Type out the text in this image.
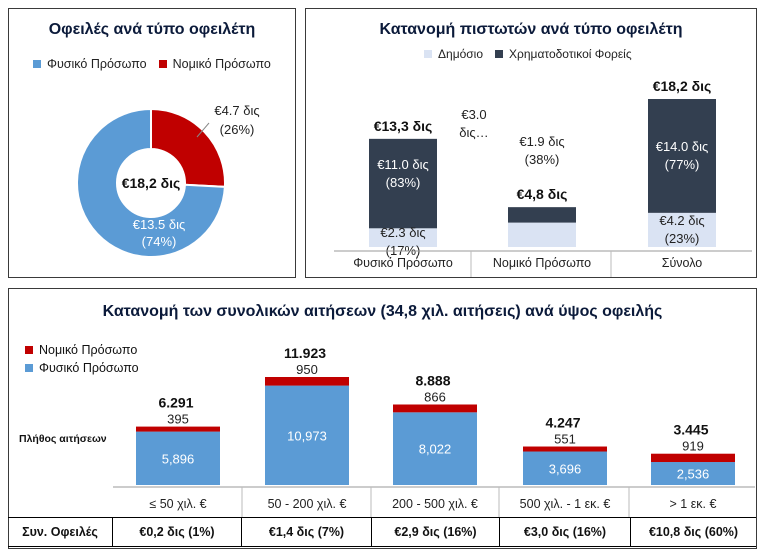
Οφειλές ανά τύπο οφειλέτη
Φυσικό Πρόσωπο Νομικό Πρόσωπο
€18,2 δις
€13.5 δις
(74%)
€4.7 δις
(26%)
Κατανομή πιστωτών ανά τύπο οφειλέτη
Δημόσιο Χρηματοδοτικοί Φορείς
€13,3 δις
Φυσικό Πρόσωπο
€4,8 δις
Νομικό Πρόσωπο
€18,2 δις
Σύνολο
€11.0 δις
(83%)
€2.3 δις
(17%)
€1.9 δις
(38%)
€3.0
δις…
€14.0 δις
(77%)
€4.2 δις
(23%)
Κατανομή των συνολικών αιτήσεων (34,8 χιλ. αιτήσεις) ανά ύψος οφειλής
Νομικό Πρόσωπο
Φυσικό Πρόσωπο
Πλήθος αιτήσεων
5,896
395
6.291
≤ 50 χιλ. €
10,973
950
11.923
50 - 200 χιλ. €
8,022
866
8.888
200 - 500 χιλ. €
3,696
551
4.247
500 χιλ. - 1 εκ. €
2,536
919
3.445
> 1 εκ. €
Συν. Οφειλές	€0,2 δις (1%)	€1,4 δις (7%)	€2,9 δις (16%)	€3,0 δις (16%)	€10,8 δις (60%)
